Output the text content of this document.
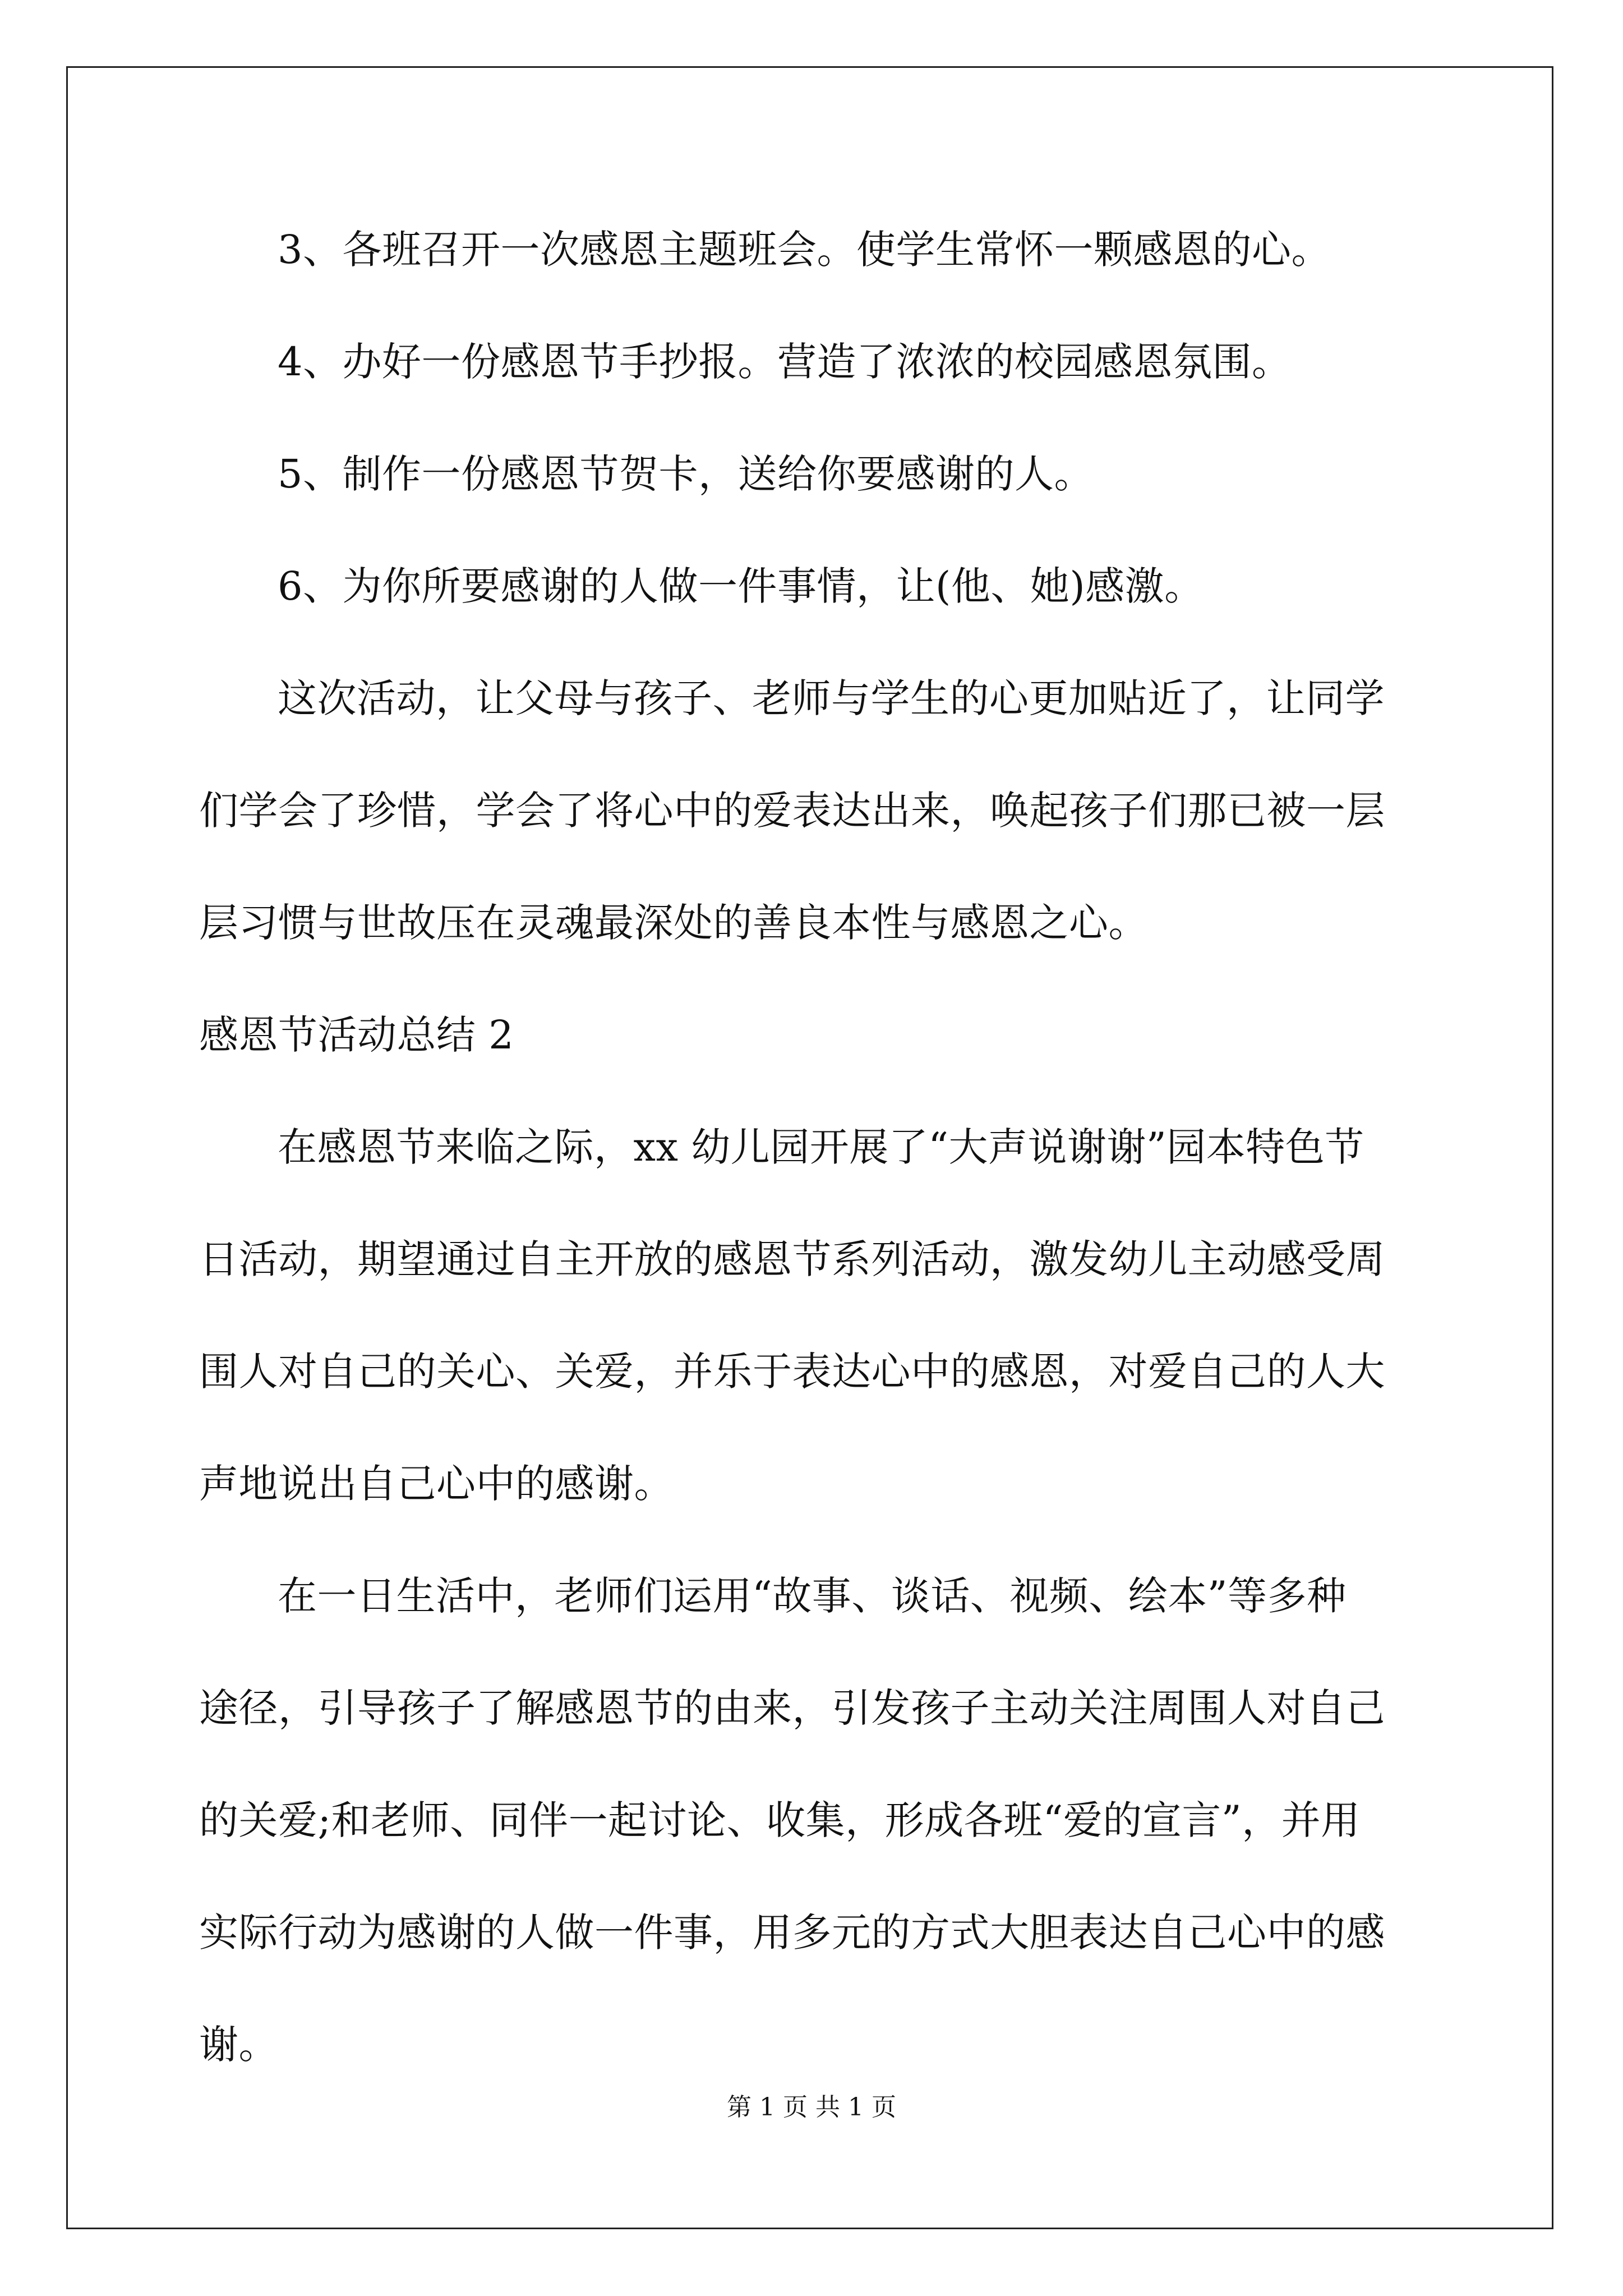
3、各班召开一次感恩主题班会。使学生常怀一颗感恩的心。
4、办好一份感恩节手抄报。营造了浓浓的校园感恩氛围。
5、制作一份感恩节贺卡，送给你要感谢的人。
6、为你所要感谢的人做一件事情，让(他、她)感激。
这次活动，让父母与孩子、老师与学生的心更加贴近了，让同学
们学会了珍惜，学会了将心中的爱表达出来，唤起孩子们那已被一层
层习惯与世故压在灵魂最深处的善良本性与感恩之心。
感恩节活动总结 2
在感恩节来临之际，xx 幼儿园开展了“大声说谢谢”园本特色节
日活动，期望通过自主开放的感恩节系列活动，激发幼儿主动感受周
围人对自己的关心、关爱，并乐于表达心中的感恩，对爱自己的人大
声地说出自己心中的感谢。
在一日生活中，老师们运用“故事、谈话、视频、绘本”等多种
途径，引导孩子了解感恩节的由来，引发孩子主动关注周围人对自己
的关爱;和老师、同伴一起讨论、收集，形成各班“爱的宣言”，并用
实际行动为感谢的人做一件事，用多元的方式大胆表达自己心中的感
谢。
第 1 页 共 1 页
